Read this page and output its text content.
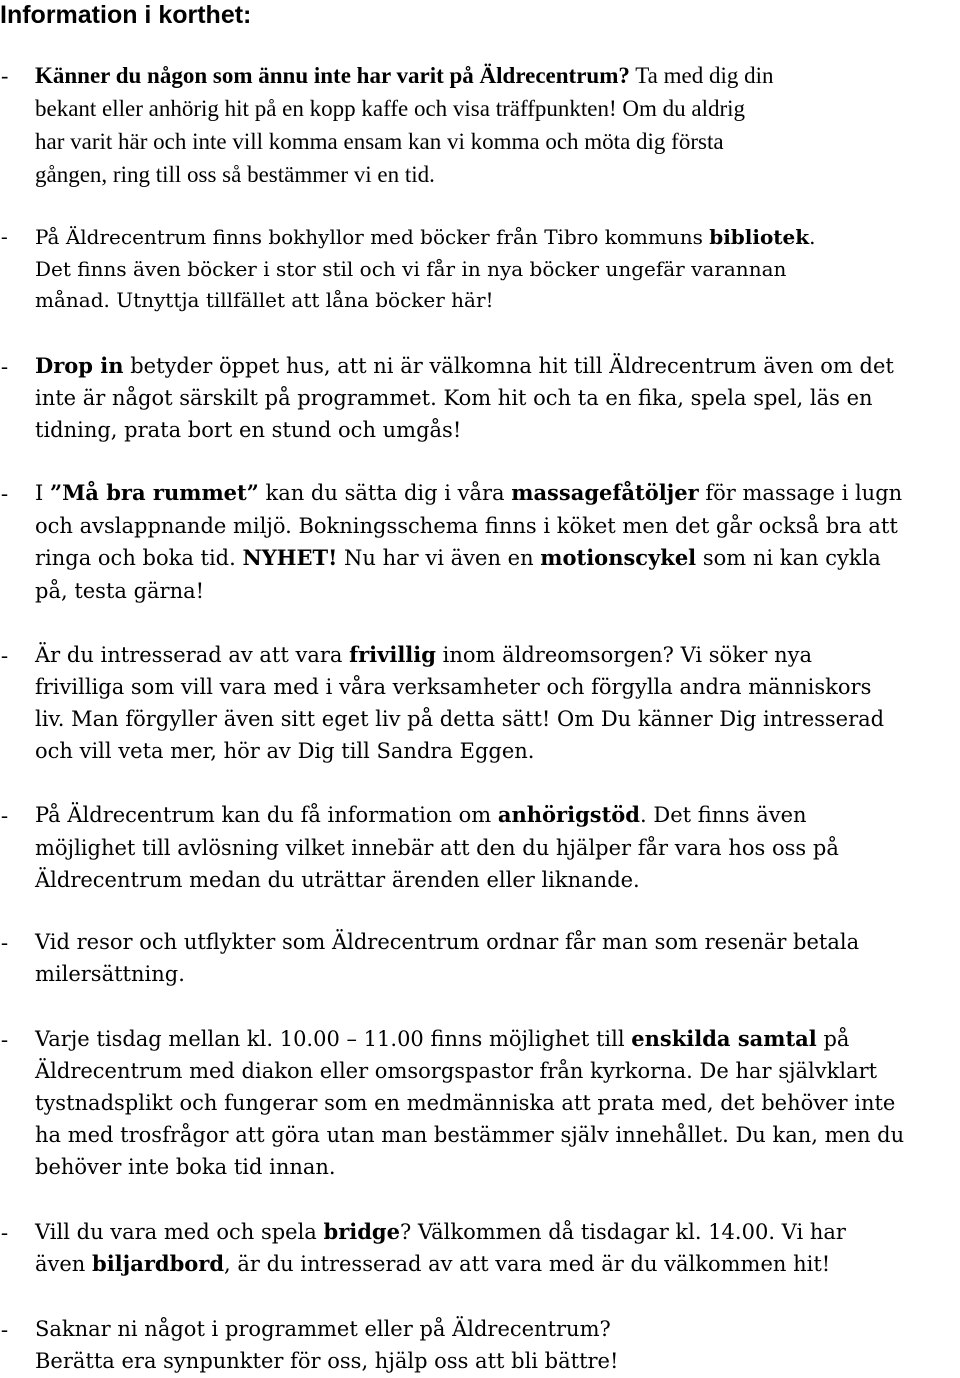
Information i korthet:
- Känner du någon som ännu inte har varit på Äldrecentrum? Ta med dig din
bekant eller anhörig hit på en kopp kaffe och visa träffpunkten! Om du aldrig
har varit här och inte vill komma ensam kan vi komma och möta dig första
gången, ring till oss så bestämmer vi en tid.
- På Äldrecentrum finns bokhyllor med böcker från Tibro kommuns bibliotek.
Det finns även böcker i stor stil och vi får in nya böcker ungefär varannan
månad. Utnyttja tillfället att låna böcker här!
- Drop in betyder öppet hus, att ni är välkomna hit till Äldrecentrum även om det
inte är något särskilt på programmet. Kom hit och ta en fika, spela spel, läs en
tidning, prata bort en stund och umgås!
- I ”Må bra rummet” kan du sätta dig i våra massagefåtöljer för massage i lugn
och avslappnande miljö. Bokningsschema finns i köket men det går också bra att
ringa och boka tid. NYHET! Nu har vi även en motionscykel som ni kan cykla
på, testa gärna!
- Är du intresserad av att vara frivillig inom äldreomsorgen? Vi söker nya
frivilliga som vill vara med i våra verksamheter och förgylla andra människors
liv. Man förgyller även sitt eget liv på detta sätt! Om Du känner Dig intresserad
och vill veta mer, hör av Dig till Sandra Eggen.
- På Äldrecentrum kan du få information om anhörigstöd. Det finns även
möjlighet till avlösning vilket innebär att den du hjälper får vara hos oss på
Äldrecentrum medan du uträttar ärenden eller liknande.
- Vid resor och utflykter som Äldrecentrum ordnar får man som resenär betala
milersättning.
- Varje tisdag mellan kl. 10.00 – 11.00 finns möjlighet till enskilda samtal på
Äldrecentrum med diakon eller omsorgspastor från kyrkorna. De har självklart
tystnadsplikt och fungerar som en medmänniska att prata med, det behöver inte
ha med trosfrågor att göra utan man bestämmer själv innehållet. Du kan, men du
behöver inte boka tid innan.
- Vill du vara med och spela bridge? Välkommen då tisdagar kl. 14.00. Vi har
även biljardbord, är du intresserad av att vara med är du välkommen hit!
- Saknar ni något i programmet eller på Äldrecentrum?
Berätta era synpunkter för oss, hjälp oss att bli bättre!
